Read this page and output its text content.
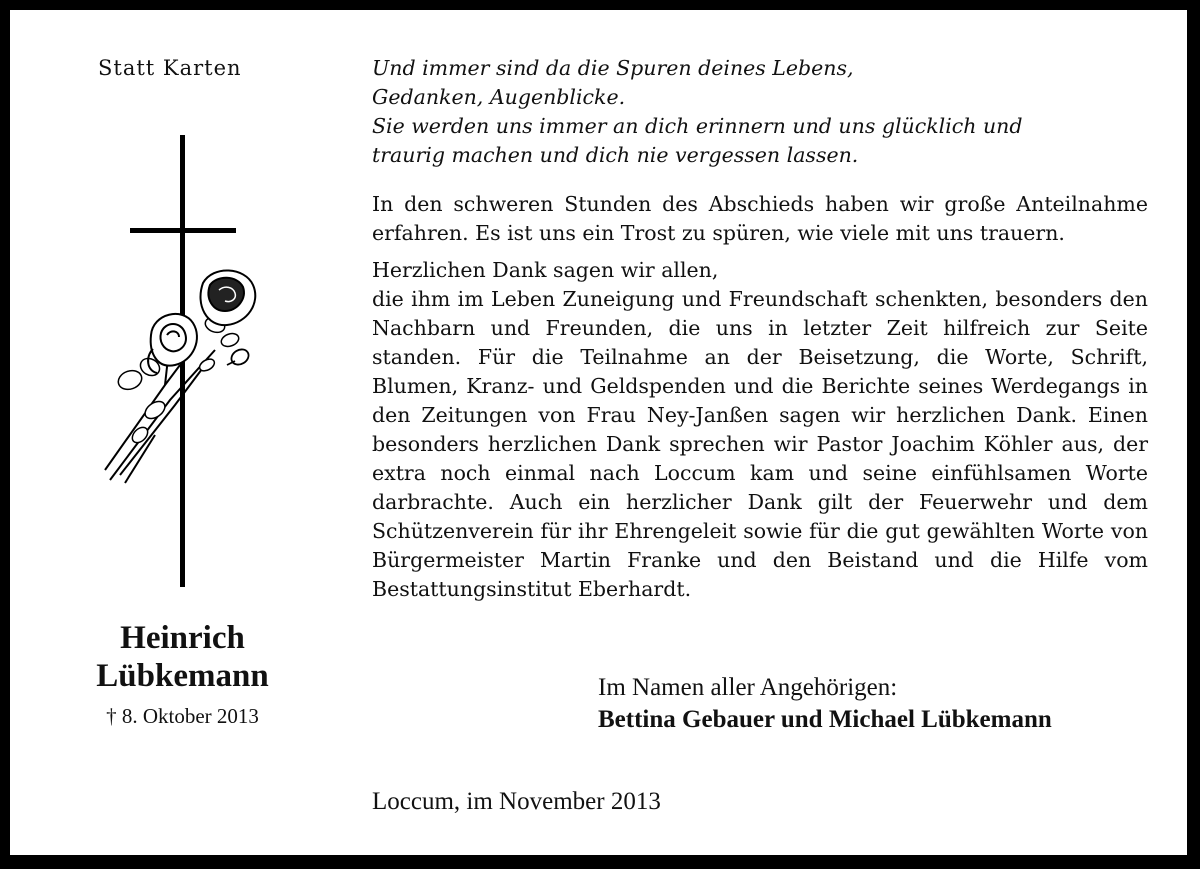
Statt Karten
Heinrich
Lübkemann
† 8. Oktober 2013

Und immer sind da die Spuren deines Lebens,
Gedanken, Augenblicke.
Sie werden uns immer an dich erinnern und uns glücklich und
traurig machen und dich nie vergessen lassen.

In den schweren Stunden des Abschieds haben wir große Anteilnahme erfahren. Es ist uns ein Trost zu spüren, wie viele mit uns trauern.

Herzlichen Dank sagen wir allen,
die ihm im Leben Zuneigung und Freundschaft schenkten, besonders den Nachbarn und Freunden, die uns in letzter Zeit hilfreich zur Seite standen. Für die Teilnahme an der Beisetzung, die Worte, Schrift, Blumen, Kranz- und Geldspenden und die Berichte seines Werdegangs in den Zeitungen von Frau Ney-Janßen sagen wir herzlichen Dank. Einen besonders herzlichen Dank sprechen wir Pastor Joachim Köhler aus, der extra noch einmal nach Loccum kam und seine einfühlsamen Worte darbrachte. Auch ein herzlicher Dank gilt der Feuerwehr und dem Schützenverein für ihr Ehrengeleit sowie für die gut gewählten Worte von Bürgermeister Martin Franke und den Beistand und die Hilfe vom Bestattungsinstitut Eberhardt.

Im Namen aller Angehörigen:
Bettina Gebauer und Michael Lübkemann
Loccum, im November 2013
